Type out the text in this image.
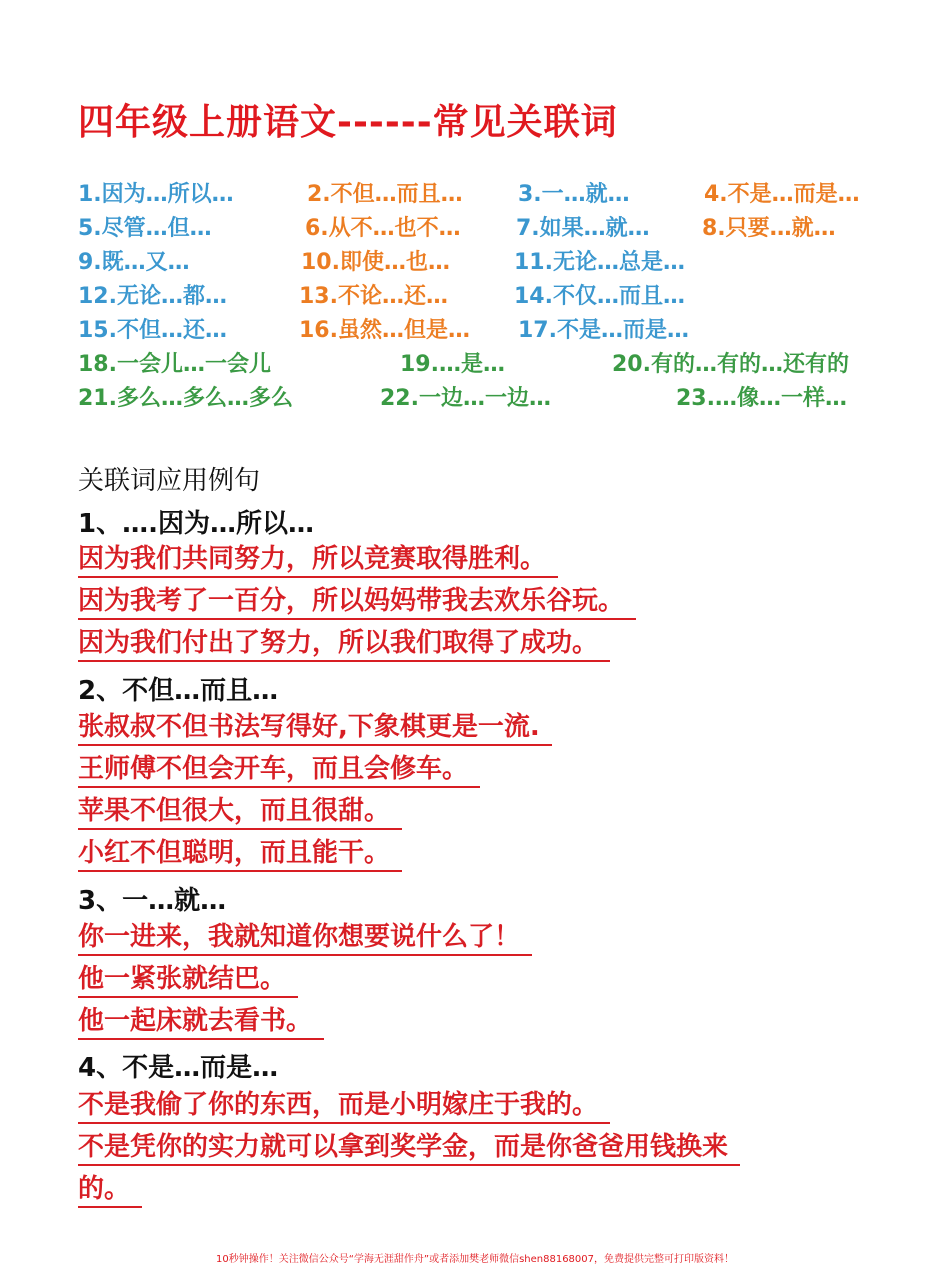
四年级上册语文------常见关联词
1.因为…所以…	2.不但…而且…	3.一…就…	4.不是…而是…
5.尽管…但…	6.从不…也不…	7.如果…就… 8.只要…就…
9.既…又…	10.即使…也…	11.无论…总是…
12.无论…都…	13.不论…还…	14.不仅…而且…
15.不但…还…	16.虽然…但是… 17.不是…而是…
18.一会儿…一会儿	19.…是…	20.有的…有的…还有的
21.多么…多么…多么	22.一边…一边…	23.…像…一样…
关联词应用例句
1、….因为…所以…
因为我们共同努力，所以竞赛取得胜利。
因为我考了一百分，所以妈妈带我去欢乐谷玩。
因为我们付出了努力，所以我们取得了成功。
2、不但…而且…
张叔叔不但书法写得好,下象棋更是一流.
王师傅不但会开车，而且会修车。
苹果不但很大，而且很甜。
小红不但聪明，而且能干。
3、一…就…
你一进来，我就知道你想要说什么了！
他一紧张就结巴。
他一起床就去看书。
4、不是…而是…
不是我偷了你的东西，而是小明嫁庄于我的。
不是凭你的实力就可以拿到奖学金，而是你爸爸用钱换来
的。
10秒钟操作！关注微信公众号“学海无涯甜作舟”或者添加樊老师微信shen88168007，免费提供完整可打印版资料！
